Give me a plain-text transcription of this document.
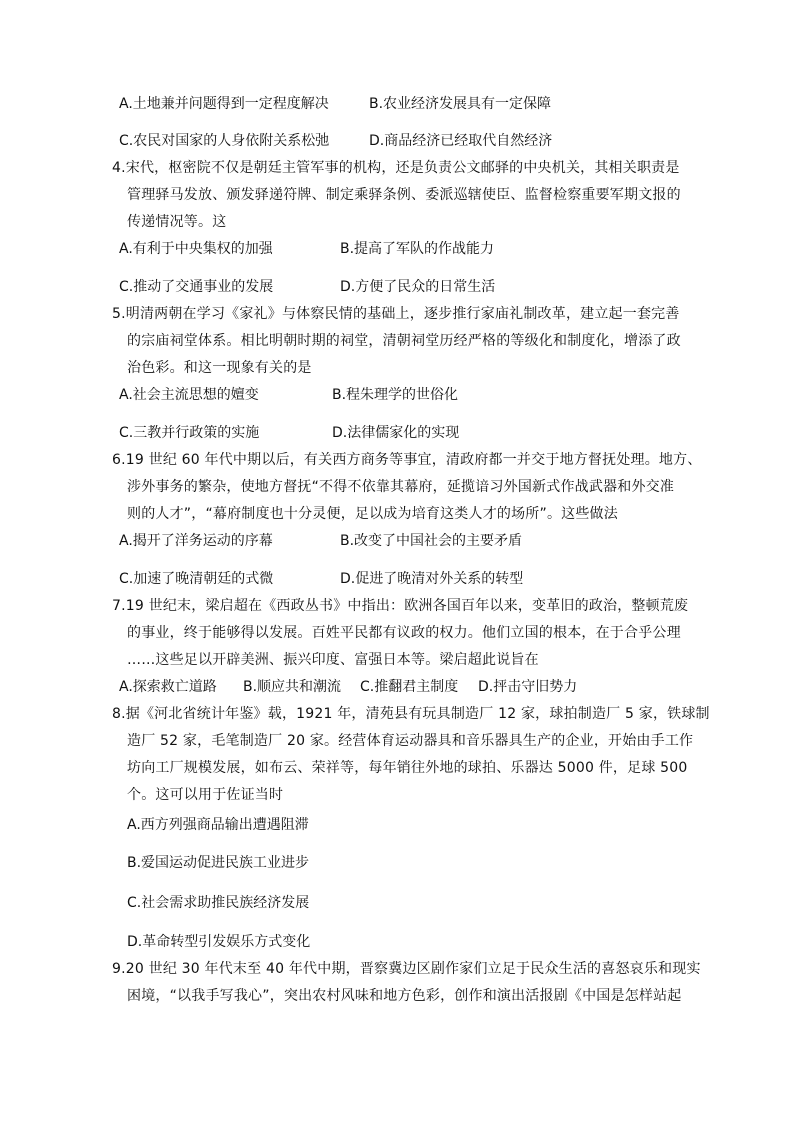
A.土地兼并问题得到一定程度解决	B.农业经济发展具有一定保障
C.农民对国家的人身依附关系松弛	D.商品经济已经取代自然经济
4.宋代，枢密院不仅是朝廷主管军事的机构，还是负责公文邮驿的中央机关，其相关职责是
管理驿马发放、颁发驿递符牌、制定乘驿条例、委派巡辖使臣、监督检察重要军期文报的
传递情况等。这
A.有利于中央集权的加强	B.提高了军队的作战能力
C.推动了交通事业的发展	D.方便了民众的日常生活
5.明清两朝在学习《家礼》与体察民情的基础上，逐步推行家庙礼制改革，建立起一套完善
的宗庙祠堂体系。相比明朝时期的祠堂，清朝祠堂历经严格的等级化和制度化，增添了政
治色彩。和这一现象有关的是
A.社会主流思想的嬗变	B.程朱理学的世俗化
C.三教并行政策的实施	D.法律儒家化的实现
6.19 世纪 60 年代中期以后，有关西方商务等事宜，清政府都一并交于地方督抚处理。地方、
涉外事务的繁杂，使地方督抚“不得不依靠其幕府，延揽谙习外国新式作战武器和外交准
则的人才”，“幕府制度也十分灵便，足以成为培育这类人才的场所”。这些做法
A.揭开了洋务运动的序幕	B.改变了中国社会的主要矛盾
C.加速了晚清朝廷的式微	D.促进了晚清对外关系的转型
7.19 世纪末，梁启超在《西政丛书》中指出：欧洲各国百年以来，变革旧的政治，整顿荒废
的事业，终于能够得以发展。百姓平民都有议政的权力。他们立国的根本，在于合乎公理
……这些足以开辟美洲、振兴印度、富强日本等。梁启超此说旨在
A.探索救亡道路 B.顺应共和潮流 C.推翻君主制度 D.抨击守旧势力
8.据《河北省统计年鉴》载，1921 年，清苑县有玩具制造厂 12 家，球拍制造厂 5 家，铁球制
造厂 52 家，毛笔制造厂 20 家。经营体育运动器具和音乐器具生产的企业，开始由手工作
坊向工厂规模发展，如布云、荣祥等，每年销往外地的球拍、乐器达 5000 件，足球 500
个。这可以用于佐证当时
A.西方列强商品输出遭遇阻滞
B.爱国运动促进民族工业进步
C.社会需求助推民族经济发展
D.革命转型引发娱乐方式变化
9.20 世纪 30 年代末至 40 年代中期，晋察冀边区剧作家们立足于民众生活的喜怒哀乐和现实
困境，“以我手写我心”，突出农村风味和地方色彩，创作和演出活报剧《中国是怎样站起
